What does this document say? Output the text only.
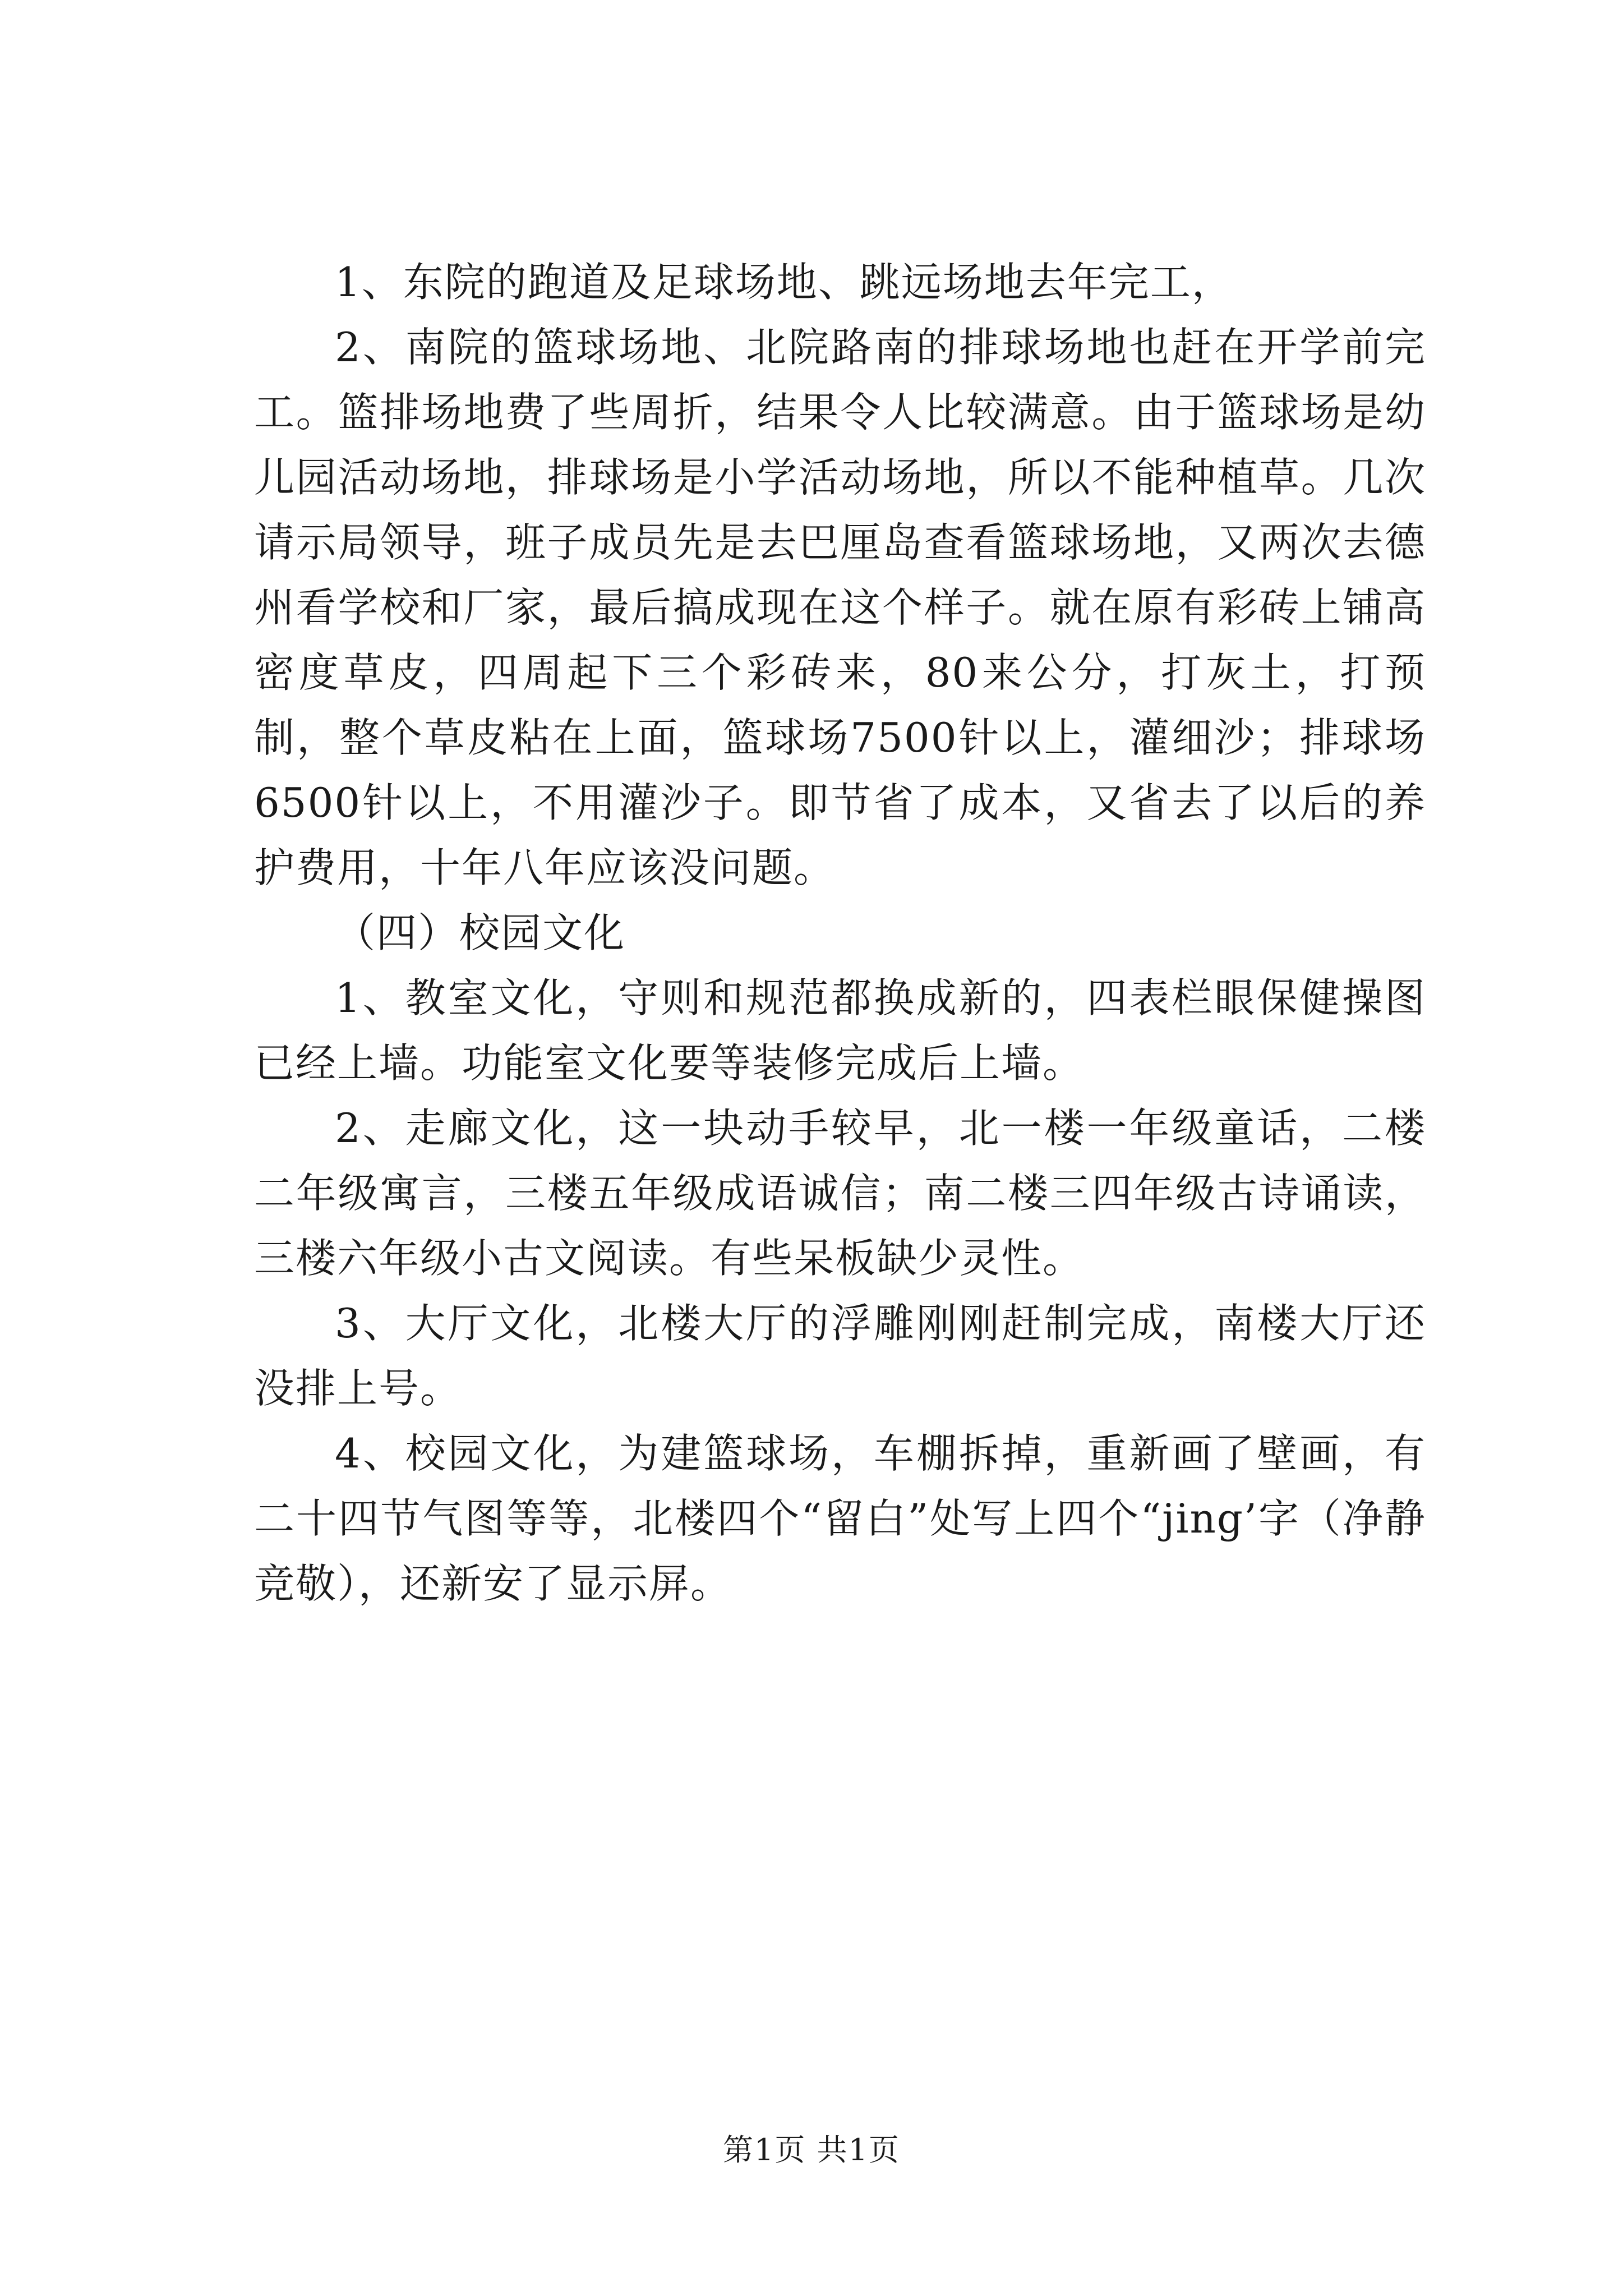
1、东院的跑道及足球场地、跳远场地去年完工，

2、南院的篮球场地、北院路南的排球场地也赶在开学前完工。篮排场地费了些周折，结果令人比较满意。由于篮球场是幼儿园活动场地，排球场是小学活动场地，所以不能种植草。几次请示局领导，班子成员先是去巴厘岛查看篮球场地，又两次去德州看学校和厂家，最后搞成现在这个样子。就在原有彩砖上铺高密度草皮，四周起下三个彩砖来，80来公分，打灰土，打预制，整个草皮粘在上面，篮球场7500针以上，灌细沙；排球场6500针以上，不用灌沙子。即节省了成本，又省去了以后的养护费用，十年八年应该没问题。

（四）校园文化

1、教室文化，守则和规范都换成新的，四表栏眼保健操图已经上墙。功能室文化要等装修完成后上墙。

2、走廊文化，这一块动手较早，北一楼一年级童话，二楼二年级寓言，三楼五年级成语诚信；南二楼三四年级古诗诵读，三楼六年级小古文阅读。有些呆板缺少灵性。

3、大厅文化，北楼大厅的浮雕刚刚赶制完成，南楼大厅还没排上号。

4、校园文化，为建篮球场，车棚拆掉，重新画了壁画，有二十四节气图等等，北楼四个“留白”处写上四个“jing’字（净静竞敬），还新安了显示屏。

第1页 共1页
